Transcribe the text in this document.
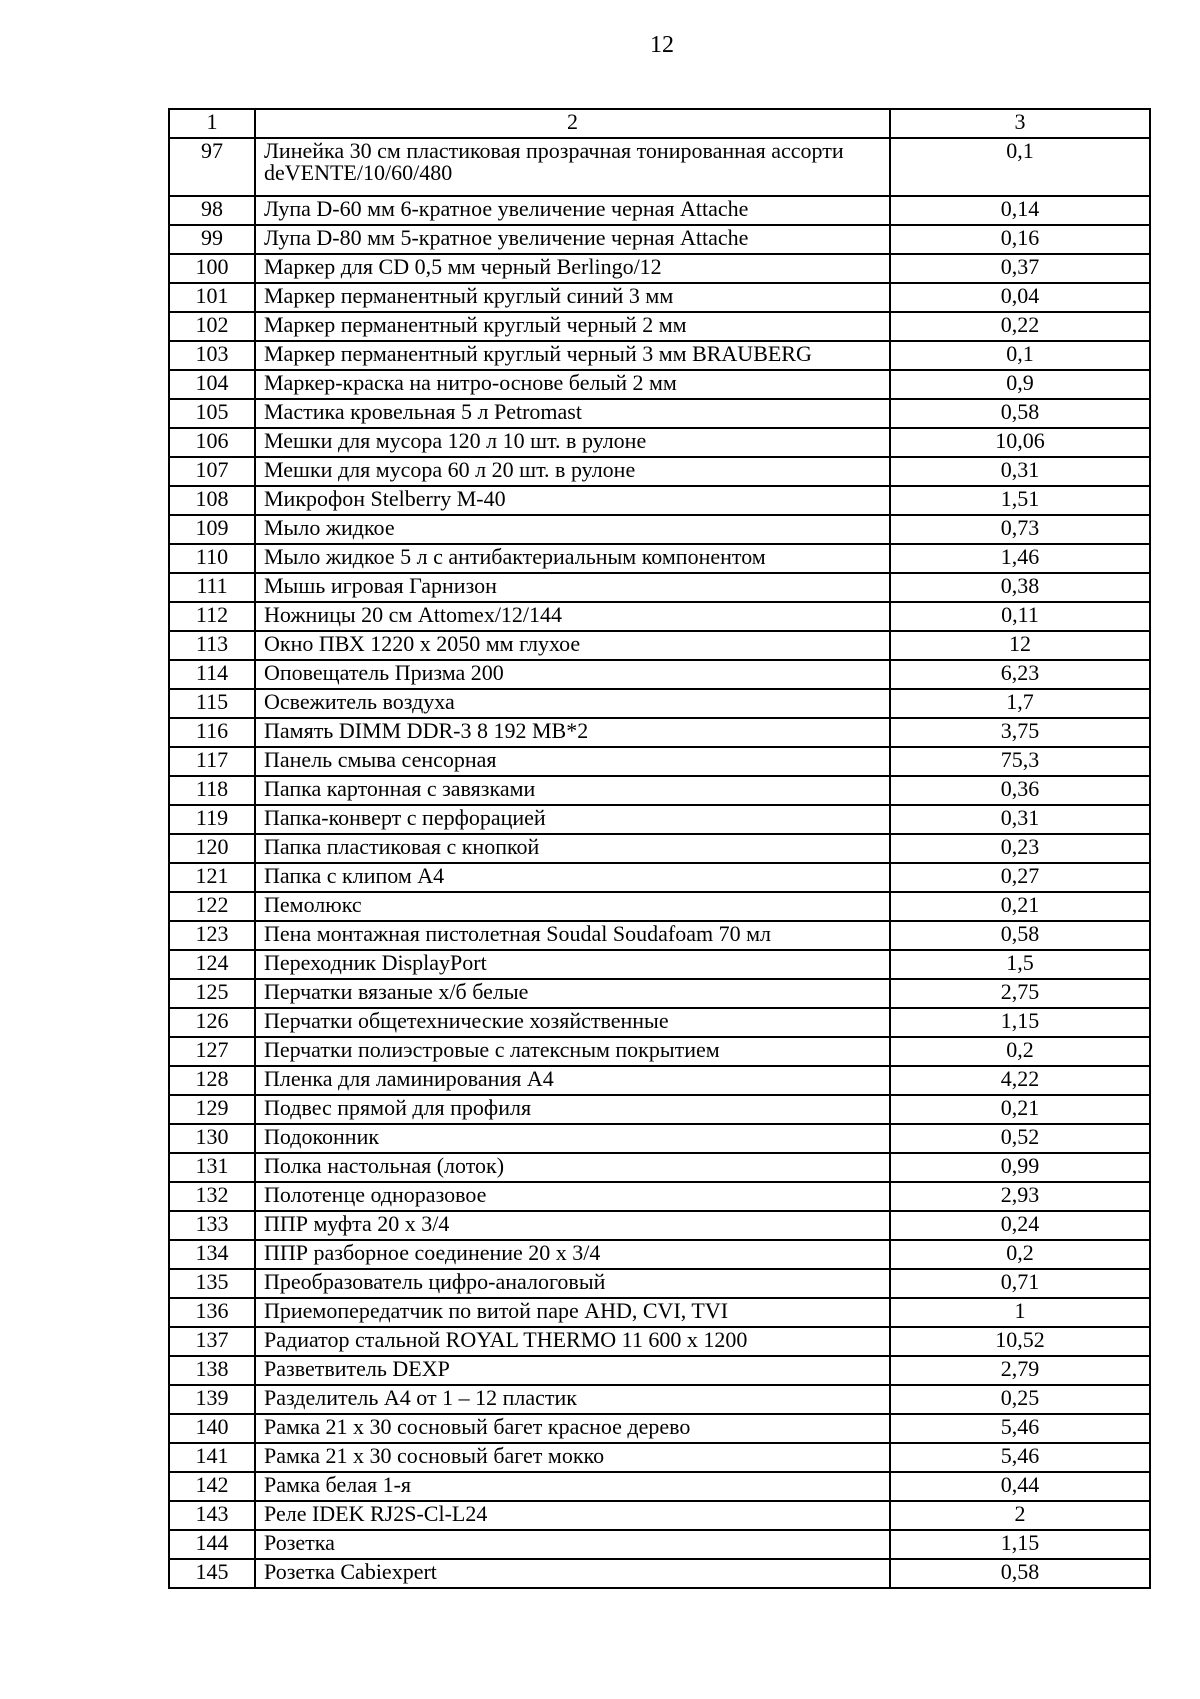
12
1	2	3
97	Линейка 30 см пластиковая прозрачная тонированная ассорти deVENTE/10/60/480	0,1
98	Лупа D-60 мм 6-кратное увеличение черная Attache	0,14
99	Лупа D-80 мм 5-кратное увеличение черная Attache	0,16
100	Маркер для CD 0,5 мм черный Berlingo/12	0,37
101	Маркер перманентный круглый синий 3 мм	0,04
102	Маркер перманентный круглый черный 2 мм	0,22
103	Маркер перманентный круглый черный 3 мм BRAUBERG	0,1
104	Маркер-краска на нитро-основе белый 2 мм	0,9
105	Мастика кровельная 5 л Petromast	0,58
106	Мешки для мусора 120 л 10 шт. в рулоне	10,06
107	Мешки для мусора 60 л 20 шт. в рулоне	0,31
108	Микрофон Stelberry M-40	1,51
109	Мыло жидкое	0,73
110	Мыло жидкое 5 л с антибактериальным компонентом	1,46
111	Мышь игровая Гарнизон	0,38
112	Ножницы 20 см Attomex/12/144	0,11
113	Окно ПВХ 1220 х 2050 мм глухое	12
114	Оповещатель Призма 200	6,23
115	Освежитель воздуха	1,7
116	Память DIMM DDR-3 8 192 MB*2	3,75
117	Панель смыва сенсорная	75,3
118	Папка картонная с завязками	0,36
119	Папка-конверт с перфорацией	0,31
120	Папка пластиковая с кнопкой	0,23
121	Папка с клипом А4	0,27
122	Пемолюкс	0,21
123	Пена монтажная пистолетная Soudal Soudafoam 70 мл	0,58
124	Переходник DisplayPort	1,5
125	Перчатки вязаные х/б белые	2,75
126	Перчатки общетехнические хозяйственные	1,15
127	Перчатки полиэстровые с латексным покрытием	0,2
128	Пленка для ламинирования А4	4,22
129	Подвес прямой для профиля	0,21
130	Подоконник	0,52
131	Полка настольная (лоток)	0,99
132	Полотенце одноразовое	2,93
133	ППР муфта 20 х 3/4	0,24
134	ППР разборное соединение 20 х 3/4	0,2
135	Преобразователь цифро-аналоговый	0,71
136	Приемопередатчик по витой паре AHD, CVI, TVI	1
137	Радиатор стальной ROYAL THERMO 11 600 х 1200	10,52
138	Разветвитель DEXP	2,79
139	Разделитель А4 от 1 – 12 пластик	0,25
140	Рамка 21 х 30 сосновый багет красное дерево	5,46
141	Рамка 21 х 30 сосновый багет мокко	5,46
142	Рамка белая 1-я	0,44
143	Реле IDEK RJ2S-Cl-L24	2
144	Розетка	1,15
145	Розетка Cabiexpert	0,58
